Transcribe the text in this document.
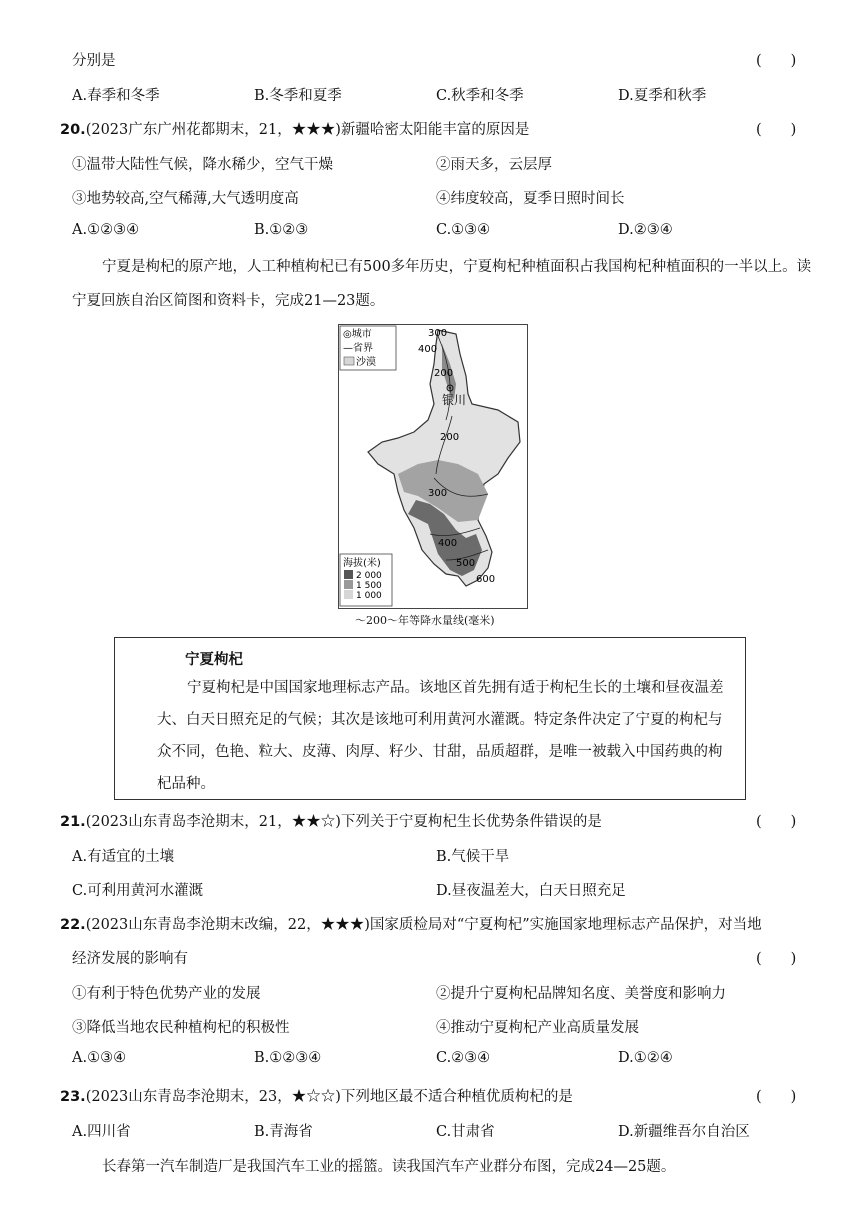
分别是	(　　)
A.春季和冬季	B.冬季和夏季	C.秋季和冬季	D.夏季和秋季
20.(2023广东广州花都期末，21，★★★)新疆哈密太阳能丰富的原因是	(　　)
①温带大陆性气候，降水稀少，空气干燥	②雨天多，云层厚
③地势较高,空气稀薄,大气透明度高	④纬度较高，夏季日照时间长
A.①②③④	B.①②③	C.①③④	D.②③④
宁夏是枸杞的原产地，人工种植枸杞已有500多年历史，宁夏枸杞种植面积占我国枸杞种植面积的一半以上。读宁夏回族自治区简图和资料卡，完成21—23题。
银川
300
400
200
200
300
400
500
600
◎城市
—省界
沙漠
海拔(米)
2 000
1 500
1 000
～200～年等降水量线(毫米)
宁夏枸杞
宁夏枸杞是中国国家地理标志产品。该地区首先拥有适于枸杞生长的土壤和昼夜温差大、白天日照充足的气候；其次是该地可利用黄河水灌溉。特定条件决定了宁夏的枸杞与众不同，色艳、粒大、皮薄、肉厚、籽少、甘甜，品质超群，是唯一被载入中国药典的枸杞品种。
21.(2023山东青岛李沧期末，21，★★☆)下列关于宁夏枸杞生长优势条件错误的是	(　　)
A.有适宜的土壤	B.气候干旱
C.可利用黄河水灌溉	D.昼夜温差大，白天日照充足
22.(2023山东青岛李沧期末改编，22，★★★)国家质检局对“宁夏枸杞”实施国家地理标志产品保护，对当地
经济发展的影响有	(　　)
①有利于特色优势产业的发展	②提升宁夏枸杞品牌知名度、美誉度和影响力
③降低当地农民种植枸杞的积极性	④推动宁夏枸杞产业高质量发展
A.①③④	B.①②③④	C.②③④	D.①②④
23.(2023山东青岛李沧期末，23，★☆☆)下列地区最不适合种植优质枸杞的是	(　　)
A.四川省	B.青海省	C.甘肃省	D.新疆维吾尔自治区
长春第一汽车制造厂是我国汽车工业的摇篮。读我国汽车产业群分布图，完成24—25题。
